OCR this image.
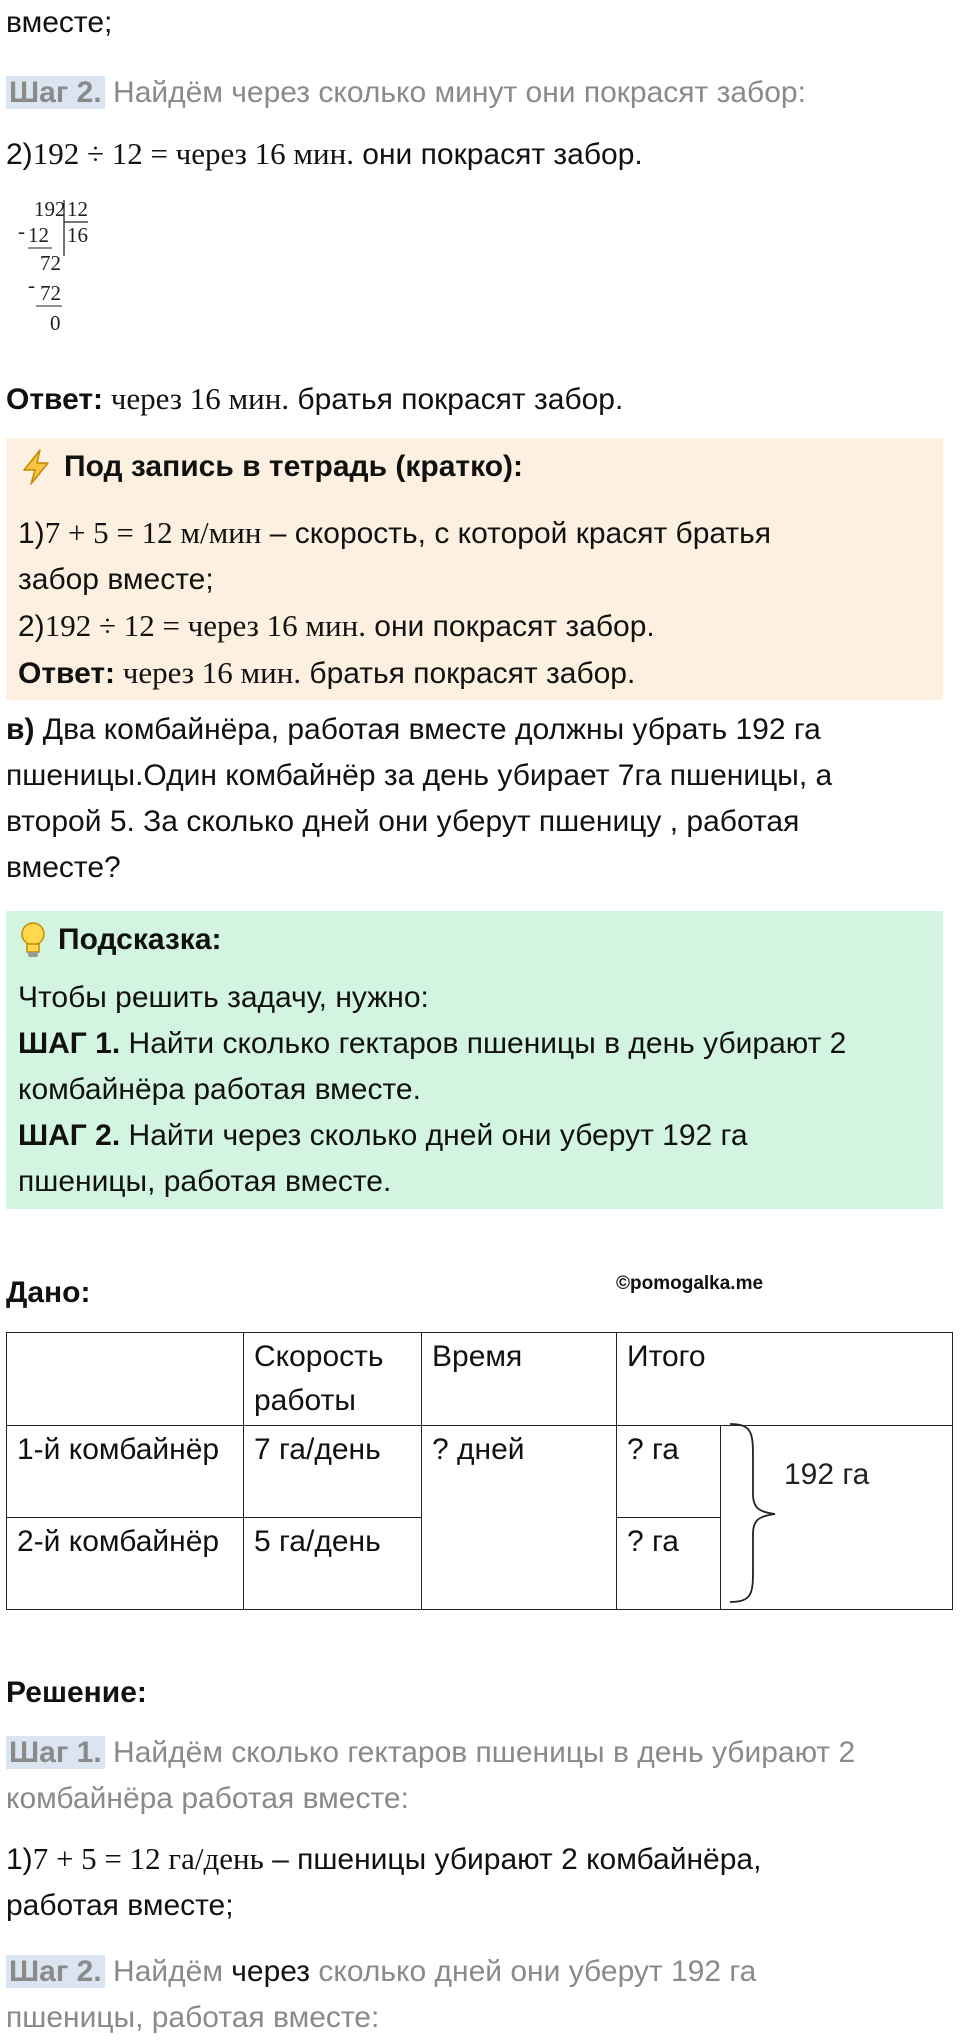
вместе;
Шаг 2. Найдём через сколько минут они покрасят забор:
2)192 ÷ 12 = через 16 мин. они покрасят забор.
Ответ: через 16 мин. братья покрасят забор.
192 12
- 12 16
72
- 72
0
Под запись в тетрадь (кратко):
1)7 + 5 = 12 м/мин – скорость, с которой красят братья
забор вместе;
2)192 ÷ 12 = через 16 мин. они покрасят забор.
Ответ: через 16 мин. братья покрасят забор.
в) Два комбайнёра, работая вместе должны убрать 192 га
пшеницы.Один комбайнёр за день убирает 7га пшеницы, а
второй 5. За сколько дней они уберут пшеницу , работая
вместе?
Подсказка:
Чтобы решить задачу, нужно:
ШАГ 1. Найти сколько гектаров пшеницы в день убирают 2
комбайнёра работая вместе.
ШАГ 2. Найти через сколько дней они уберут 192 га
пшеницы, работая вместе.
Дано:	©pomogalka.me
	Скорость работы	Время	Итого	
1-й комбайнёр	7 га/день	? дней	? га	
2-й комбайнёр	5 га/день		? га	
192 га
Решение:
Шаг 1. Найдём сколько гектаров пшеницы в день убирают 2
комбайнёра работая вместе:
1)7 + 5 = 12 га/день – пшеницы убирают 2 комбайнёра,
работая вместе;
Шаг 2. Найдём через сколько дней они уберут 192 га
пшеницы, работая вместе:
